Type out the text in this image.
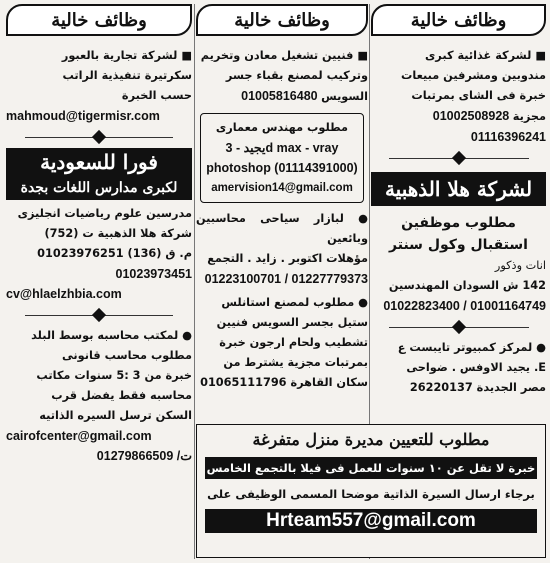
وظائف خالية
■ لشركة غذائية كبرى
مندوبين ومشرفين مبيعات
خبرة فى الشاى بمرتبات
01002508928 مجزية
01116396241
لشركة هلا الذهبية
مطلوب موظفين استقبال وكول سنتر
انات وذكور
142 ش السودان المهندسين
01022823400 / 01001164749
● لمركز كمبيوتر تايبست ع
E. يجيد الاوفس . ضواحى
مصر الجديدة 26220137
وظائف خالية
■ فنيين تشغيل معادن وتخريم
وتركيب لمصنع بقباء جسر
01005816480 السويس
مطلوب مهندس معمارى
يجيد - 3d max - vray
photoshop (01114391000)
amervision14@gmail.com
● لبازار سياحى محاسبين وبائعين
مؤهلات اكتوبر . زايد . التجمع
01223100701 / 01227779373
● مطلوب لمصنع استانلس
ستيل بجسر السويس فنيين
تشطيب ولحام ارجون خبرة
بمرتبات مجزية يشترط من
سكان القاهرة 01065111796
وظائف خالية
■ لشركة تجارية بالعبور
سكرتيرة تنفيذية الراتب
حسب الخبرة
mahmoud@tigermisr.com
فورا للسعودية
لكبرى مدارس اللغات بجدة
مدرسين علوم رياضيات انجليزى
شركة هلا الذهبية ت (752)
م. ق (136) 01023976251
01023973451
cv@hlaelzhbia.com
● لمكتب محاسبه بوسط البلد
مطلوب محاسب قانونى
خبرة من 3 :5 سنوات مكاتب
محاسبه فقط يفضل قرب
السكن ترسل السيره الذاتيه
cairofcenter@gmail.com
ت/ 01279866509
مطلوب للتعيين مديرة منزل متفرغة
خبرة لا تقل عن ١٠ سنوات للعمل فى فيلا بالتجمع الخامس
برجاء ارسال السيرة الذاتية موضحا المسمى الوظيفى على
Hrteam557@gmail.com
